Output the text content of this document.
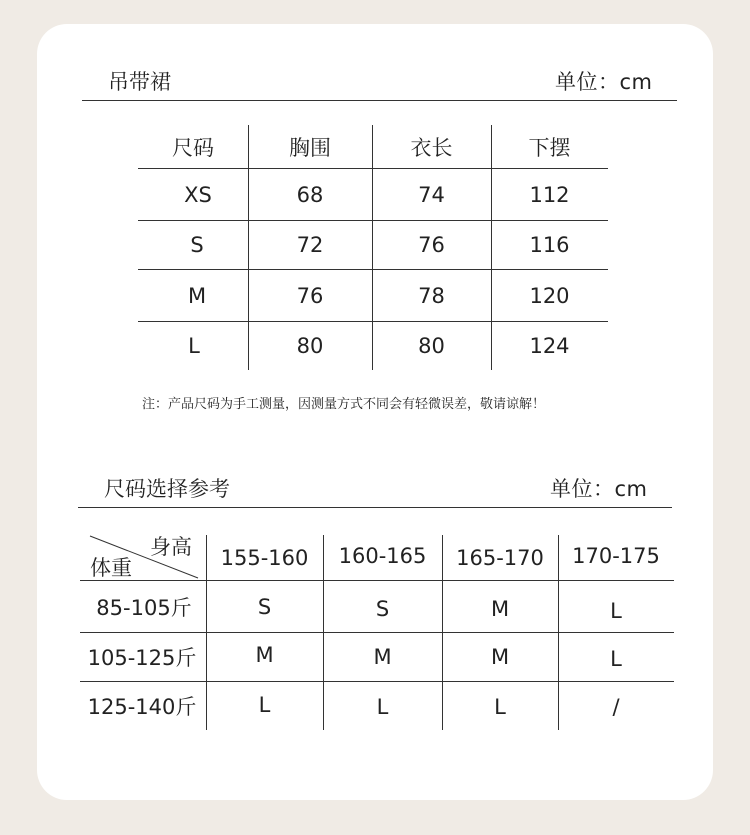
吊带裙	单位：cm
尺码	胸围	衣长	下摆
XS	68	74	112
S	72	76	116
M	76	78	120
L	80	80	124
注：产品尺码为手工测量，因测量方式不同会有轻微误差，敬请谅解！
尺码选择参考	单位：cm
身高
体重	155-160	160-165	165-170	170-175
85-105斤	S	S	M	L
105-125斤	M	M	M	L
125-140斤	L	L	L	/
